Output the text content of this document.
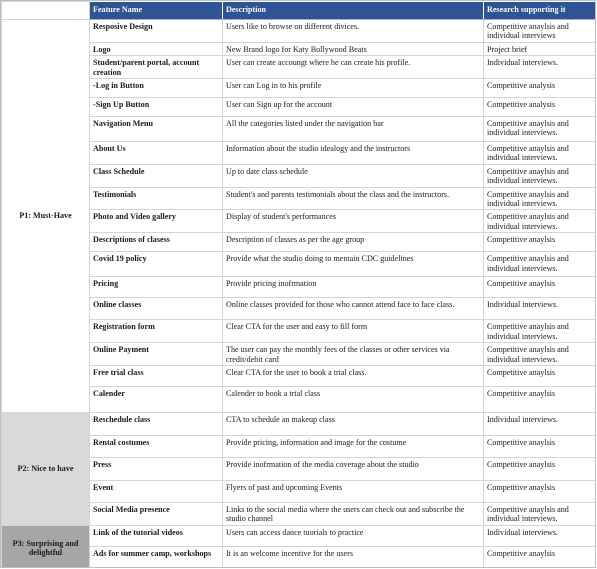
	Feature Name	Description	Research supporting it
P1: Must-Have	Resposive Design	Users like to browse on different divices.	Competitive anaylsis and individual interviews
	Logo	New Brand logo for Katy Bollywood Beats	Project brief
	Student/parent portal, account creation	User can create accoungt where he can create his profile.	Individual interviews.
	-Log in Button	User can Log in to his profile	Competitive analysis
	-Sign Up Button	User can Sign up for the account	Competitive analysis
	Navigation Menu	All the categories listed under the navigation bar	Competitive anaylsis and individual interviews.
	About Us	Information about the studio idealogy and the instructors	Competitive anaylsis and individual interviews.
	Class Schedule	Up to date class schedule	Competitive anaylsis and individual interviews.
	Testimonials	Student's and parents testimonials about the class and the instructors.	Competitive anaylsis and individual interviews.
	Photo and Video gallery	Display of student's performances	Competitive anaylsis and individual interviews.
	Descriptions of clasess	Description of classes as per the age group	Competitive anaylsis
	Covid 19 policy	Provide what the studio doing to mentain CDC guidelines	Competitive anaylsis and individual interviews.
	Pricing	Provide pricing inofrmation	Competitive anaylsis
	Online classes	Online classes provided for those who cannot attend face to face class.	Individual interviews.
	Registration form	Clear CTA for the user and easy to fill form	Competitive anaylsis and individual interviews.
	Online Payment	The user can pay the monthly fees of the classes or other services via credit/debit card	Competitive anaylsis and individual interviews.
	Free trial class	Clear CTA for the user to book a trial class.	Competitive anaylsis
	Calender	Calender to book a trial class	Competitive anaylsis
P2: Nice to have	Reschedule class	CTA to schedule an makeup class	Individual interviews.
	Rental costumes	Provide pricing, information and image for the costume	Competitive anaylsis
	Press	Provide inofrmation of the media coverage about the studio	Competitive anaylsis
	Event	Flyers of past and upcoming Events	Competitive anaylsis
	Social Media presence	Links to the social media where the users can check out and subscribe the studio channel	Competitive anaylsis and individual interviews.
P3: Surprising and delightful	Link of the tutorial videos	Users can access dance tuorials to practice	Individual interviews.
	Ads for summer camp, workshops	It is an welcome incentive for the users	Competitive anaylsis
